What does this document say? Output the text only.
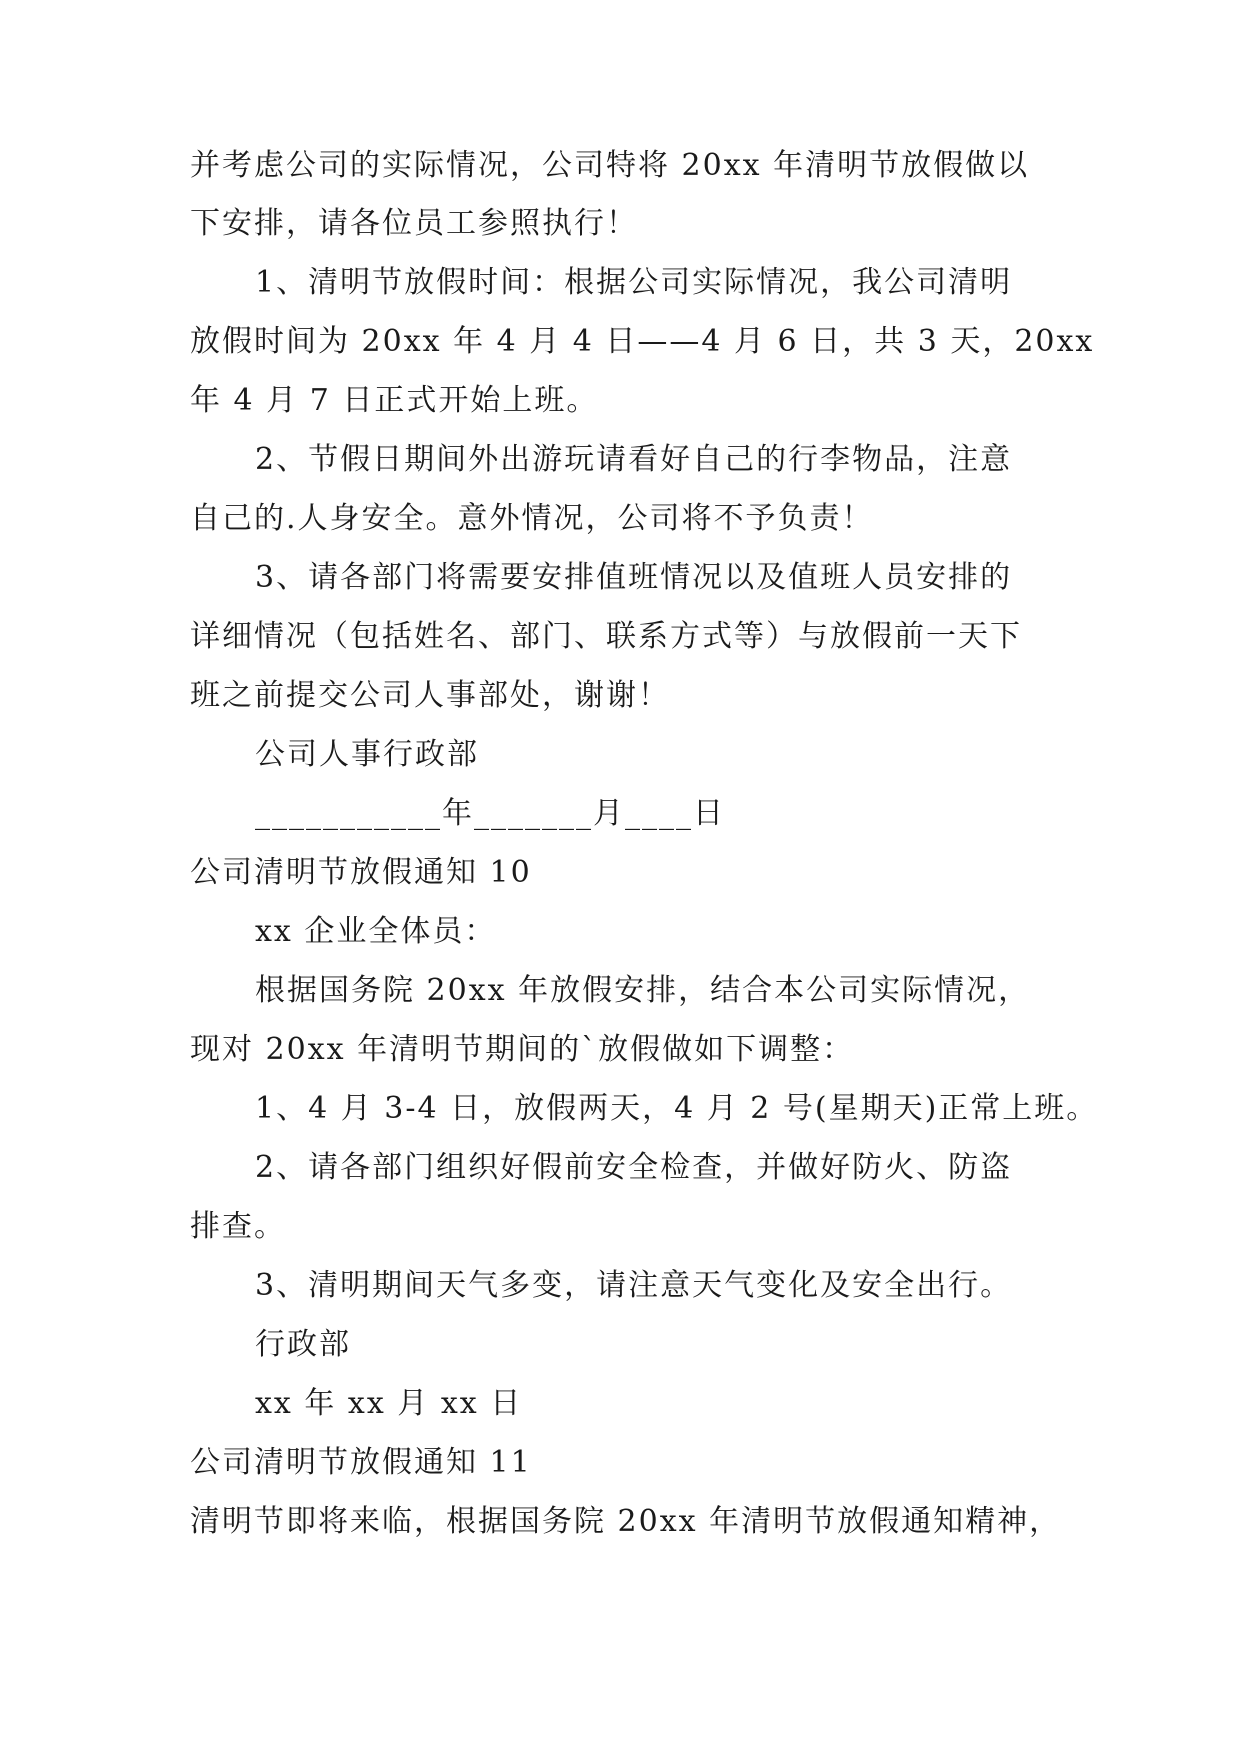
并考虑公司的实际情况，公司特将 20xx 年清明节放假做以
下安排，请各位员工参照执行！
1、清明节放假时间：根据公司实际情况，我公司清明
放假时间为 20xx 年 4 月 4 日——4 月 6 日，共 3 天，20xx
年 4 月 7 日正式开始上班。
2、节假日期间外出游玩请看好自己的行李物品，注意
自己的.人身安全。意外情况，公司将不予负责！
3、请各部门将需要安排值班情况以及值班人员安排的
详细情况（包括姓名、部门、联系方式等）与放假前一天下
班之前提交公司人事部处，谢谢！
公司人事行政部
___________年_______月____日
公司清明节放假通知 10
xx 企业全体员：
根据国务院 20xx 年放假安排，结合本公司实际情况，
现对 20xx 年清明节期间的`放假做如下调整：
1、4 月 3-4 日，放假两天，4 月 2 号(星期天)正常上班。
2、请各部门组织好假前安全检查，并做好防火、防盗
排查。
3、清明期间天气多变，请注意天气变化及安全出行。
行政部
xx 年 xx 月 xx 日
公司清明节放假通知 11
清明节即将来临，根据国务院 20xx 年清明节放假通知精神，
